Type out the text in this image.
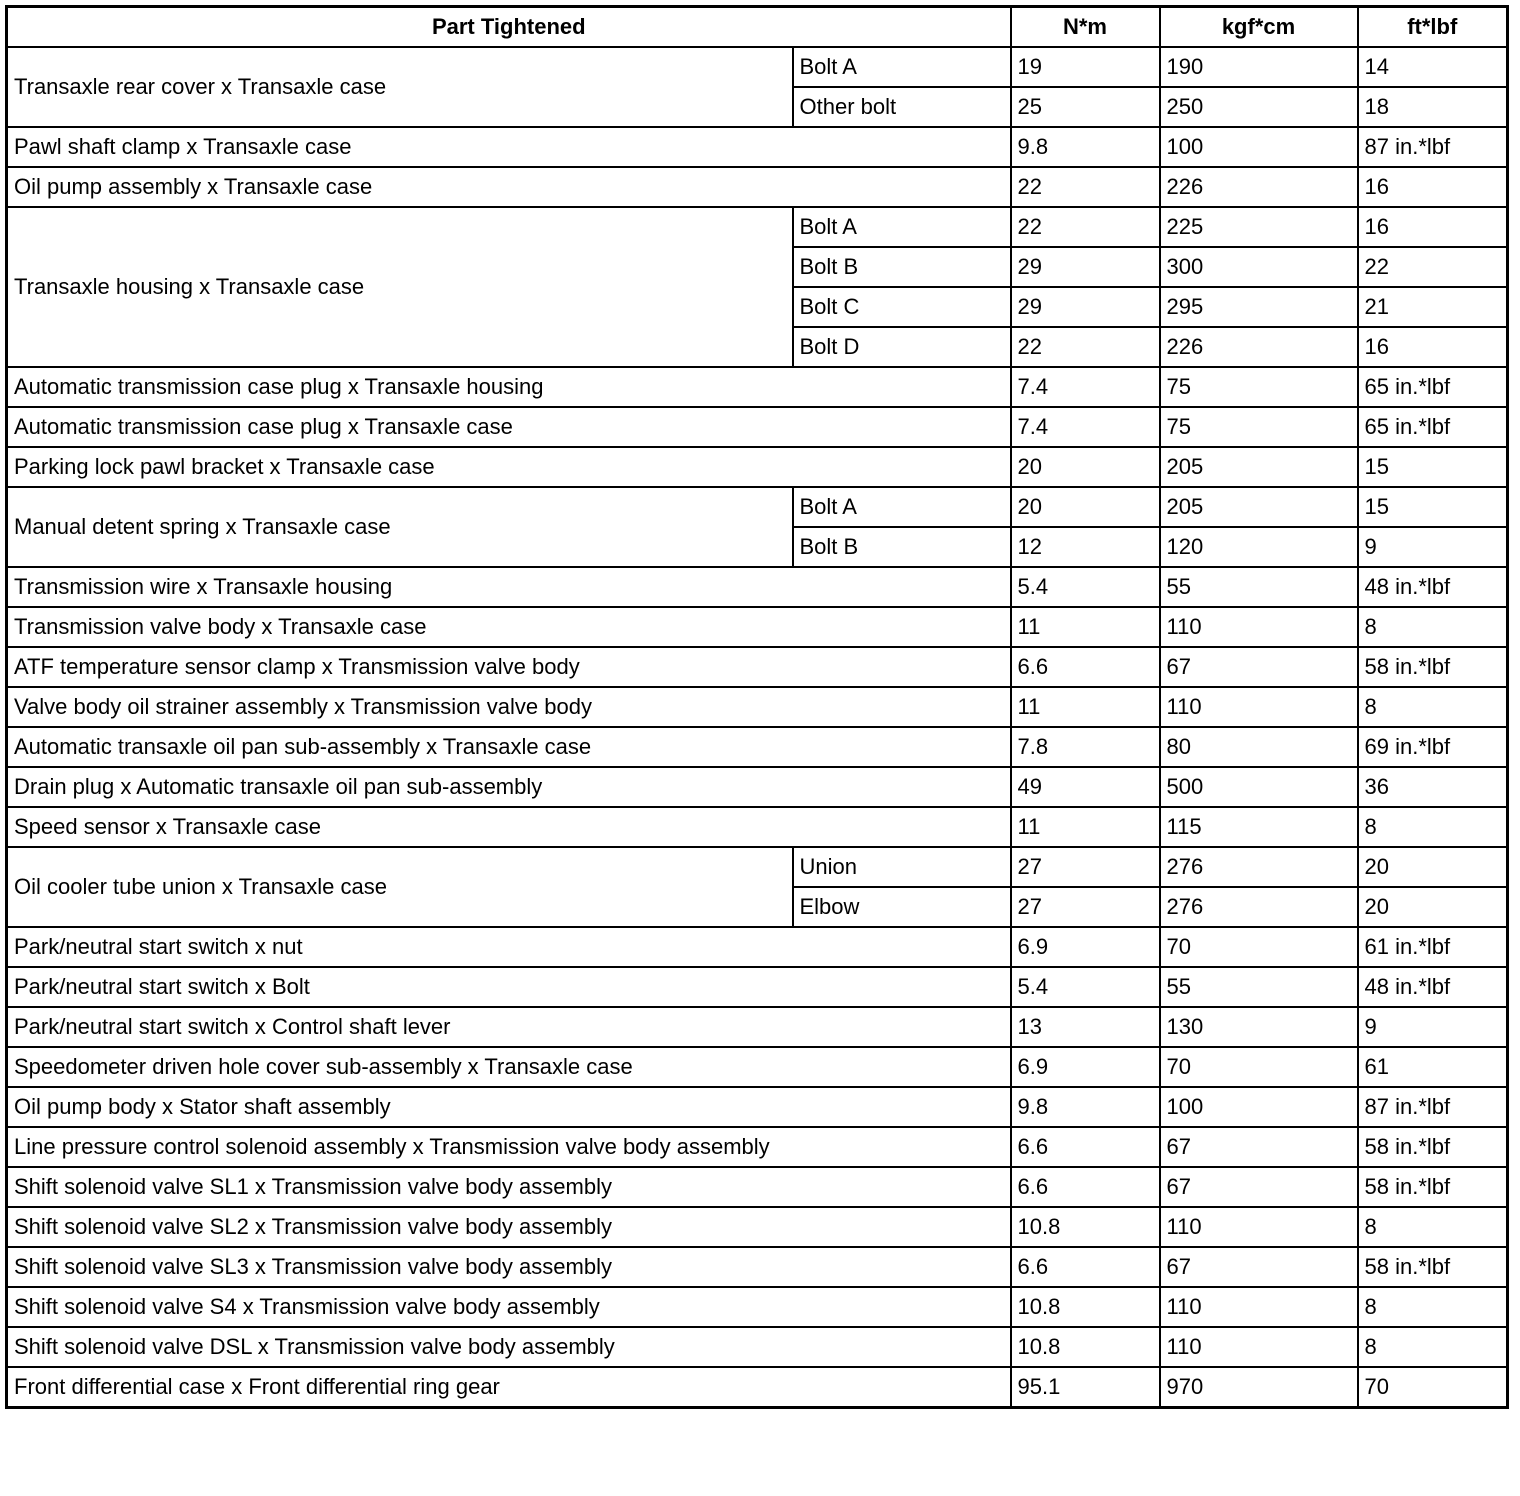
Part Tightened		N*m	kgf*cm	ft*lbf
Transaxle rear cover x Transaxle case	Bolt A	19	190	14
	Other bolt	25	250	18
Pawl shaft clamp x Transaxle case		9.8	100	87 in.*lbf
Oil pump assembly x Transaxle case		22	226	16
Transaxle housing x Transaxle case	Bolt A	22	225	16
	Bolt B	29	300	22
	Bolt C	29	295	21
	Bolt D	22	226	16
Automatic transmission case plug x Transaxle housing		7.4	75	65 in.*lbf
Automatic transmission case plug x Transaxle case		7.4	75	65 in.*lbf
Parking lock pawl bracket x Transaxle case		20	205	15
Manual detent spring x Transaxle case	Bolt A	20	205	15
	Bolt B	12	120	9
Transmission wire x Transaxle housing		5.4	55	48 in.*lbf
Transmission valve body x Transaxle case		11	110	8
ATF temperature sensor clamp x Transmission valve body		6.6	67	58 in.*lbf
Valve body oil strainer assembly x Transmission valve body		11	110	8
Automatic transaxle oil pan sub-assembly x Transaxle case		7.8	80	69 in.*lbf
Drain plug x Automatic transaxle oil pan sub-assembly		49	500	36
Speed sensor x Transaxle case		11	115	8
Oil cooler tube union x Transaxle case	Union	27	276	20
	Elbow	27	276	20
Park/neutral start switch x nut		6.9	70	61 in.*lbf
Park/neutral start switch x Bolt		5.4	55	48 in.*lbf
Park/neutral start switch x Control shaft lever		13	130	9
Speedometer driven hole cover sub-assembly x Transaxle case		6.9	70	61
Oil pump body x Stator shaft assembly		9.8	100	87 in.*lbf
Line pressure control solenoid assembly x Transmission valve body assembly		6.6	67	58 in.*lbf
Shift solenoid valve SL1 x Transmission valve body assembly		6.6	67	58 in.*lbf
Shift solenoid valve SL2 x Transmission valve body assembly		10.8	110	8
Shift solenoid valve SL3 x Transmission valve body assembly		6.6	67	58 in.*lbf
Shift solenoid valve S4 x Transmission valve body assembly		10.8	110	8
Shift solenoid valve DSL x Transmission valve body assembly		10.8	110	8
Front differential case x Front differential ring gear		95.1	970	70
